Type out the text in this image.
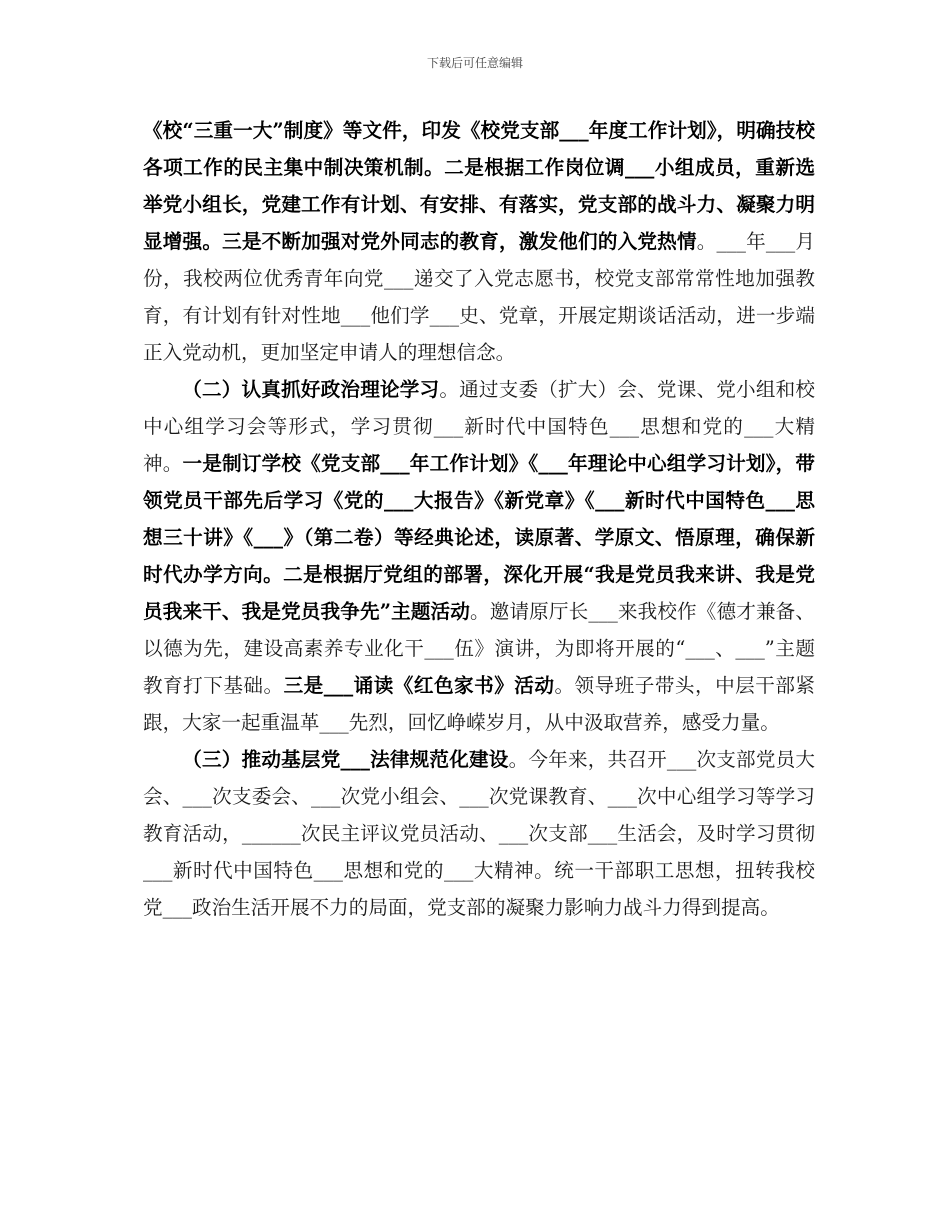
下载后可任意编辑

《校“三重一大”制度》等文件，印发《校党支部___年度工作计划》，明确技校各项工作的民主集中制决策机制。二是根据工作岗位调___小组成员，重新选举党小组长，党建工作有计划、有安排、有落实，党支部的战斗力、凝聚力明显增强。三是不断加强对党外同志的教育，激发他们的入党热情。___年___月份，我校两位优秀青年向党___递交了入党志愿书，校党支部常常性地加强教育，有计划有针对性地___他们学___史、党章，开展定期谈话活动，进一步端正入党动机，更加坚定申请人的理想信念。

（二）认真抓好政治理论学习。通过支委（扩大）会、党课、党小组和校中心组学习会等形式，学习贯彻___新时代中国特色___思想和党的___大精神。一是制订学校《党支部___年工作计划》《___年理论中心组学习计划》，带领党员干部先后学习《党的___大报告》《新党章》《___新时代中国特色___思想三十讲》《___》（第二卷）等经典论述，读原著、学原文、悟原理，确保新时代办学方向。二是根据厅党组的部署，深化开展“我是党员我来讲、我是党员我来干、我是党员我争先”主题活动。邀请原厅长___来我校作《德才兼备、以德为先，建设高素养专业化干___伍》演讲，为即将开展的“___、___”主题教育打下基础。三是___诵读《红色家书》活动。领导班子带头，中层干部紧跟，大家一起重温革___先烈，回忆峥嵘岁月，从中汲取营养，感受力量。

（三）推动基层党___法律规范化建设。今年来，共召开___次支部党员大会、___次支委会、___次党小组会、___次党课教育、___次中心组学习等学习教育活动，______次民主评议党员活动、___次支部___生活会，及时学习贯彻___新时代中国特色___思想和党的___大精神。统一干部职工思想，扭转我校党___政治生活开展不力的局面，党支部的凝聚力影响力战斗力得到提高。
